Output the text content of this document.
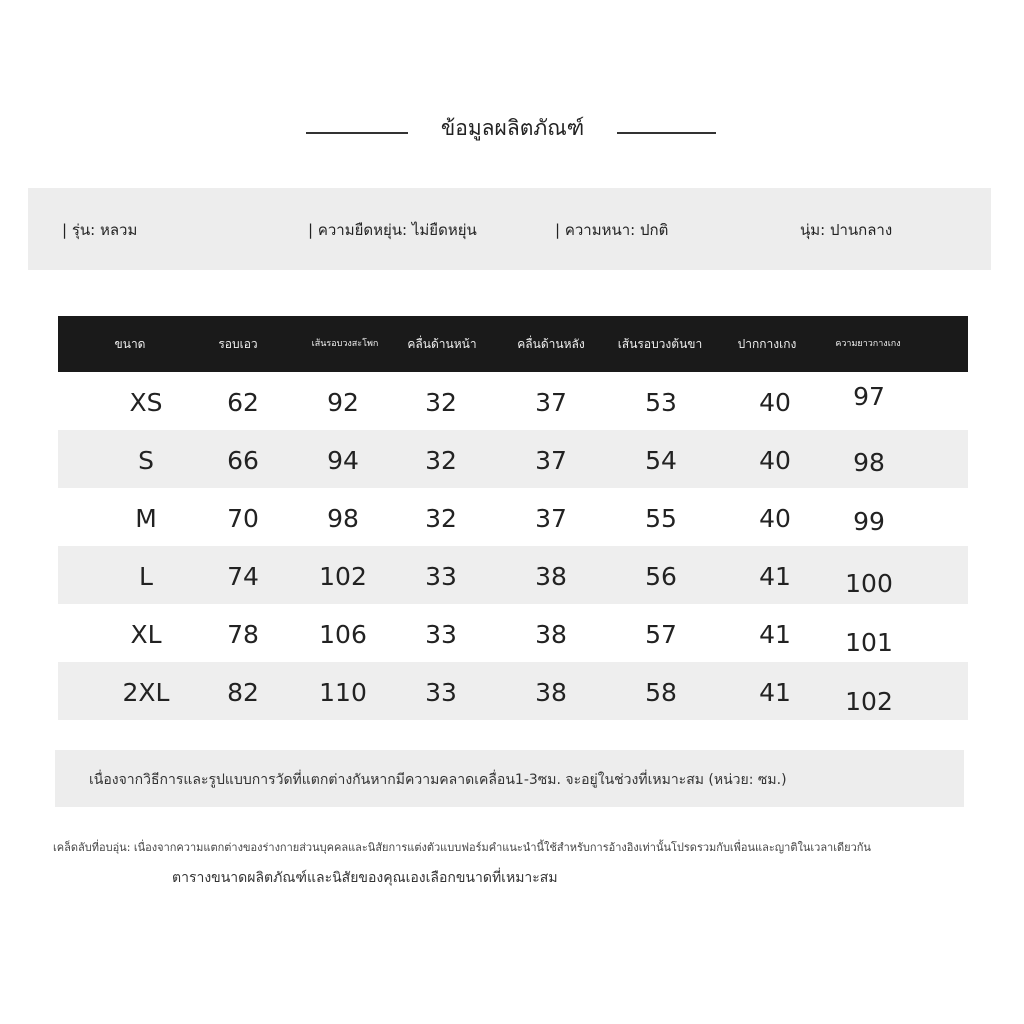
ข้อมูลผลิตภัณฑ์
| รุ่น: หลวม	| ความยืดหยุ่น: ไม่ยืดหยุ่น	| ความหนา: ปกติ	นุ่ม: ปานกลาง
ขนาด	รอบเอว	เส้นรอบวงสะโพก	คลื่นด้านหน้า	คลื่นด้านหลัง	เส้นรอบวงต้นขา	ปากกางเกง	ความยาวกางเกง
XS	62	92	32	37	53	40	97
S	66	94	32	37	54	40	98
M	70	98	32	37	55	40	99
L	74	102	33	38	56	41	100
XL	78	106	33	38	57	41	101
2XL	82	110	33	38	58	41	102
เนื่องจากวิธีการและรูปแบบการวัดที่แตกต่างกันหากมีความคลาดเคลื่อน1-3ซม. จะอยู่ในช่วงที่เหมาะสม (หน่วย: ซม.)
เคล็ดลับที่อบอุ่น: เนื่องจากความแตกต่างของร่างกายส่วนบุคคลและนิสัยการแต่งตัวแบบฟอร์มคำแนะนำนี้ใช้สำหรับการอ้างอิงเท่านั้นโปรดรวมกับเพื่อนและญาติในเวลาเดียวกัน
ตารางขนาดผลิตภัณฑ์และนิสัยของคุณเองเลือกขนาดที่เหมาะสม
